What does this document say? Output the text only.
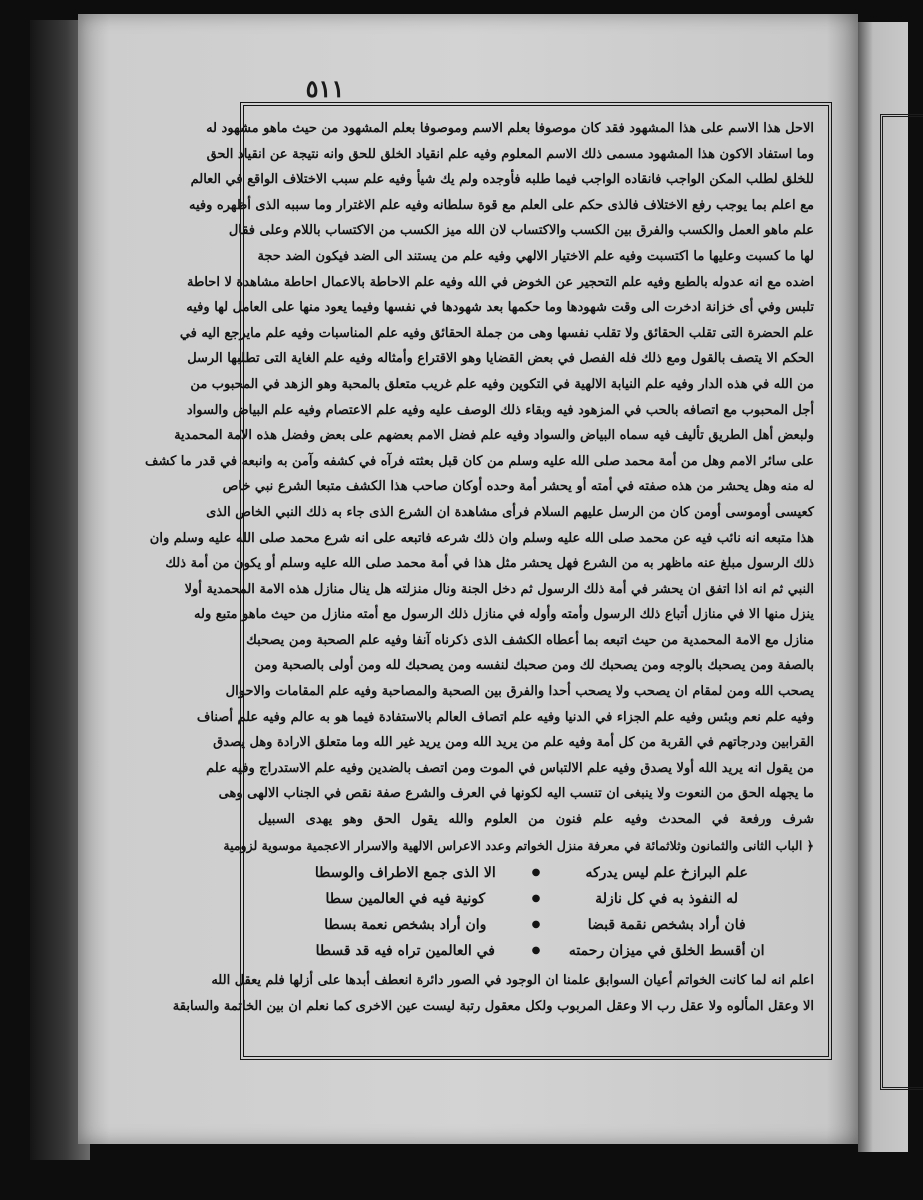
٥١١
الاحل هذا الاسم على هذا المشهود فقد كان موصوفا بعلم الاسم وموصوفا بعلم المشهود من حيث ماهو مشهود له
وما استفاد الاكون هذا المشهود مسمى ذلك الاسم المعلوم وفيه علم انقياد الخلق للحق وانه نتيجة عن انقياد الحق
للخلق لطلب المكن الواجب فانقاده الواجب فيما طلبه فأوجده ولم يك شيأ وفيه علم سبب الاختلاف الواقع في العالم
مع اعلم بما يوجب رفع الاختلاف فالذى حكم على العلم مع قوة سلطانه وفيه علم الاغترار وما سببه الذى أظهره وفيه
علم ماهو العمل والكسب والفرق بين الكسب والاكتساب لان الله ميز الكسب من الاكتساب باللام وعلى فقال
لها ما كسبت وعليها ما اكتسبت وفيه علم الاختيار الالهي وفيه علم من يستند الى الضد فيكون الضد حجة
اضده مع انه عدوله بالطبع وفيه علم التحجير عن الخوض في الله وفيه علم الاحاطة بالاعمال احاطة مشاهدة لا احاطة
تلبس وفي أى خزانة ادخرت الى وقت شهودها وما حكمها بعد شهودها في نفسها وفيما يعود منها على العامل لها وفيه
علم الحضرة التى تقلب الحقائق ولا تقلب نفسها وهى من جملة الحقائق وفيه علم المناسبات وفيه علم مايرجع اليه في
الحكم الا يتصف بالقول ومع ذلك فله الفصل في بعض القضايا وهو الاقتراع وأمثاله وفيه علم الغاية التى تطلبها الرسل
من الله في هذه الدار وفيه علم النيابة الالهية في التكوين وفيه علم غريب متعلق بالمحبة وهو الزهد في المحبوب من
أجل المحبوب مع اتصافه بالحب في المزهود فيه وبقاء ذلك الوصف عليه وفيه علم الاعتصام وفيه علم البياض والسواد
ولبعض أهل الطريق تأليف فيه سماه البياض والسواد وفيه علم فضل الامم بعضهم على بعض وفضل هذه الامة المحمدية
على سائر الامم وهل من أمة محمد صلى الله عليه وسلم من كان قبل بعثته فرآه في كشفه وآمن به وانبعه في قدر ما كشف
له منه وهل يحشر من هذه صفته في أمته أو يحشر أمة وحده أوكان صاحب هذا الكشف متبعا الشرع نبي خاص
كعيسى أوموسى أومن كان من الرسل عليهم السلام فرأى مشاهدة ان الشرع الذى جاء به ذلك النبي الخاص الذى
هذا متبعه انه نائب فيه عن محمد صلى الله عليه وسلم وان ذلك شرعه فاتبعه على انه شرع محمد صلى الله عليه وسلم وان
ذلك الرسول مبلغ عنه ماظهر به من الشرع فهل يحشر مثل هذا في أمة محمد صلى الله عليه وسلم أو يكون من أمة ذلك
النبي ثم انه اذا اتفق ان يحشر في أمة ذلك الرسول ثم دخل الجنة ونال منزلته هل ينال منازل هذه الامة المحمدية أولا
ينزل منها الا في منازل أتباع ذلك الرسول وأمته وأوله في منازل ذلك الرسول مع أمته منازل من حيث ماهو متبع وله
منازل مع الامة المحمدية من حيث اتبعه بما أعطاه الكشف الذى ذكرناه آنفا وفيه علم الصحبة ومن يصحبك
بالصفة ومن يصحبك بالوجه ومن يصحبك لك ومن صحبك لنفسه ومن يصحبك لله ومن أولى بالصحبة ومن
يصحب الله ومن لمقام ان يصحب ولا يصحب أحدا والفرق بين الصحبة والمصاحبة وفيه علم المقامات والاحوال
وفيه علم نعم وبئس وفيه علم الجزاء في الدنيا وفيه علم اتصاف العالم بالاستفادة فيما هو به عالم وفيه علم أصناف
القرابين ودرجاتهم في القربة من كل أمة وفيه علم من يريد الله ومن يريد غير الله وما متعلق الارادة وهل يصدق
من يقول انه يريد الله أولا يصدق وفيه علم الالتباس في الموت ومن اتصف بالضدين وفيه علم الاستدراج وفيه علم
ما يجهله الحق من النعوت ولا ينبغى ان تنسب اليه لكونها في العرف والشرع صفة نقص في الجناب الالهى وهى
شرف ورفعة في المحدث وفيه علم فنون من العلوم والله يقول الحق وهو يهدى السبيل
﴿ الباب الثانى والثمانون وثلاثمائة في معرفة منزل الخواتم وعدد الاعراس الالهية والاسرار الاعجمية موسوية لزومية
علم البرازخ علم ليس يدركه
●
الا الذى جمع الاطراف والوسطا
له النفوذ به في كل نازلة
●
كونية فيه في العالمين سطا
فان أراد بشخص نقمة قبضا
●
وان أراد بشخص نعمة بسطا
ان أقسط الخلق في ميزان رحمته
●
في العالمين تراه فيه قد قسطا
اعلم انه لما كانت الخواتم أعيان السوابق علمنا ان الوجود في الصور دائرة انعطف أبدها على أزلها فلم يعقل الله
الا وعقل المألوه ولا عقل رب الا وعقل المربوب ولكل معقول رتبة ليست عين الاخرى كما نعلم ان بين الخاتمة والسابقة
